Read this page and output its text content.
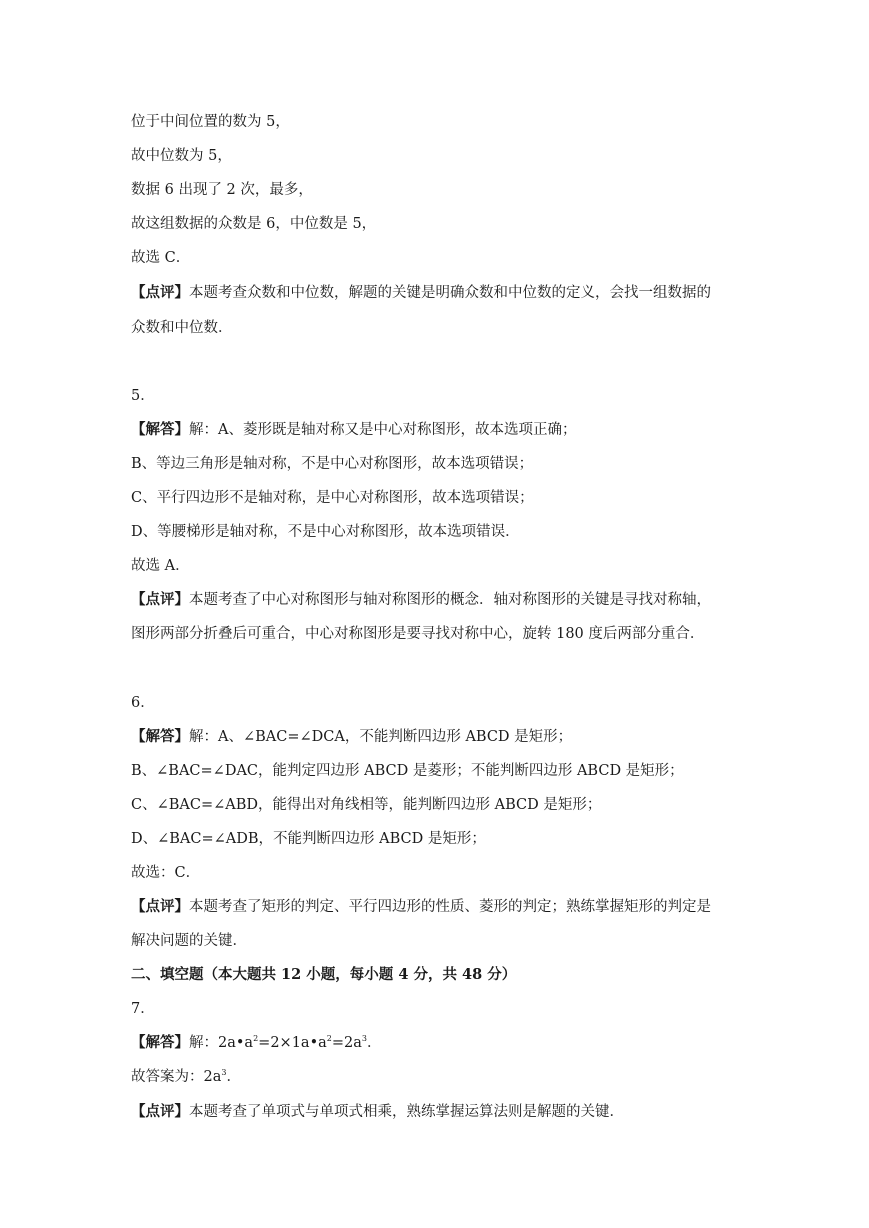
位于中间位置的数为 5，
故中位数为 5，
数据 6 出现了 2 次，最多，
故这组数据的众数是 6，中位数是 5，
故选 C．
【点评】本题考查众数和中位数，解题的关键是明确众数和中位数的定义，会找一组数据的
众数和中位数．
5．
【解答】解：A、菱形既是轴对称又是中心对称图形，故本选项正确；
B、等边三角形是轴对称，不是中心对称图形，故本选项错误；
C、平行四边形不是轴对称，是中心对称图形，故本选项错误；
D、等腰梯形是轴对称，不是中心对称图形，故本选项错误．
故选 A．
【点评】本题考查了中心对称图形与轴对称图形的概念．轴对称图形的关键是寻找对称轴，
图形两部分折叠后可重合，中心对称图形是要寻找对称中心，旋转 180 度后两部分重合．
6．
【解答】解：A、∠BAC=∠DCA，不能判断四边形 ABCD 是矩形；
B、∠BAC=∠DAC，能判定四边形 ABCD 是菱形；不能判断四边形 ABCD 是矩形；
C、∠BAC=∠ABD，能得出对角线相等，能判断四边形 ABCD 是矩形；
D、∠BAC=∠ADB，不能判断四边形 ABCD 是矩形；
故选：C．
【点评】本题考查了矩形的判定、平行四边形的性质、菱形的判定；熟练掌握矩形的判定是
解决问题的关键．
二、填空题（本大题共 12 小题，每小题 4 分，共 48 分）
7．
【解答】解：$2a•a^2=2\times 1a•a^2=2a^3$．
故答案为：$2a^3$．
【点评】本题考查了单项式与单项式相乘，熟练掌握运算法则是解题的关键．
